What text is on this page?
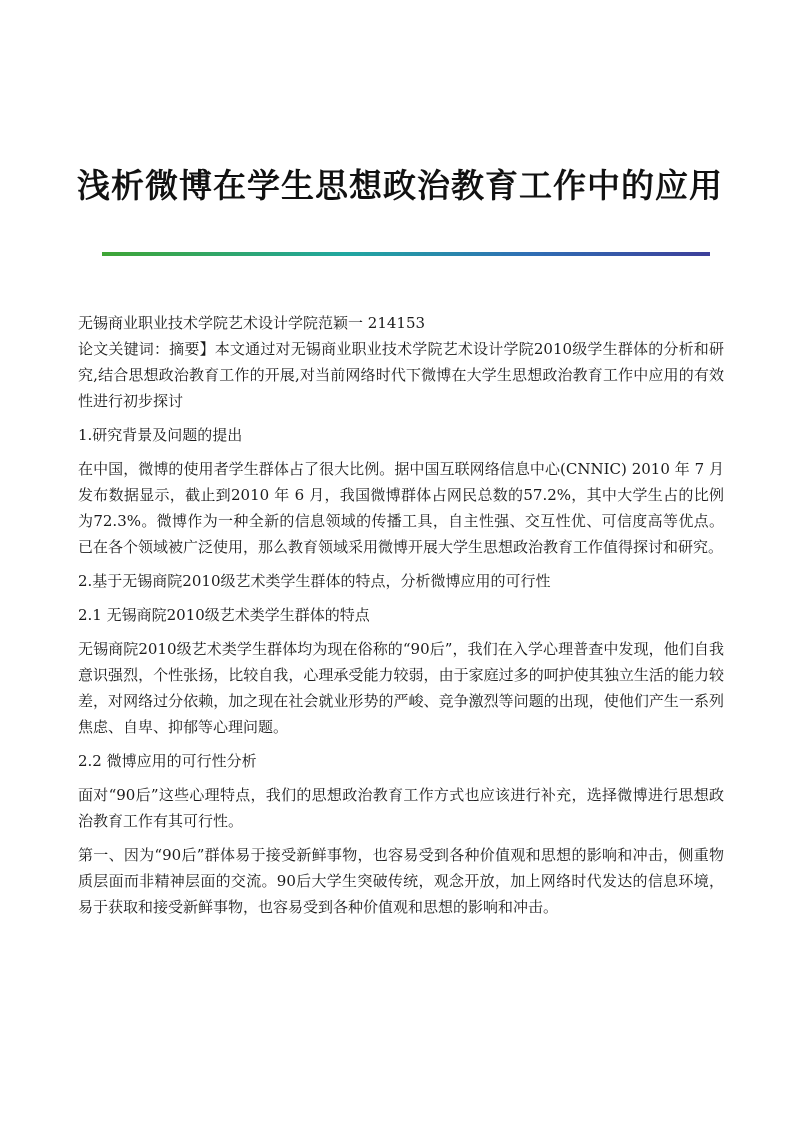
浅析微博在学生思想政治教育工作中的应用

无锡商业职业技术学院艺术设计学院范颖一 214153

论文关键词：摘要】本文通过对无锡商业职业技术学院艺术设计学院2010级学生群体的分析和研究,结合思想政治教育工作的开展,对当前网络时代下微博在大学生思想政治教育工作中应用的有效性进行初步探讨

1.研究背景及问题的提出

在中国，微博的使用者学生群体占了很大比例。据中国互联网络信息中心(CNNIC) 2010 年 7 月发布数据显示，截止到2010 年 6 月，我国微博群体占网民总数的57.2%，其中大学生占的比例为72.3%。微博作为一种全新的信息领域的传播工具，自主性强、交互性优、可信度高等优点。已在各个领域被广泛使用，那么教育领域采用微博开展大学生思想政治教育工作值得探讨和研究。

2.基于无锡商院2010级艺术类学生群体的特点，分析微博应用的可行性

2.1 无锡商院2010级艺术类学生群体的特点

无锡商院2010级艺术类学生群体均为现在俗称的“90后”，我们在入学心理普查中发现，他们自我意识强烈，个性张扬，比较自我，心理承受能力较弱，由于家庭过多的呵护使其独立生活的能力较差，对网络过分依赖，加之现在社会就业形势的严峻、竞争激烈等问题的出现，使他们产生一系列焦虑、自卑、抑郁等心理问题。

2.2 微博应用的可行性分析

面对“90后”这些心理特点，我们的思想政治教育工作方式也应该进行补充，选择微博进行思想政治教育工作有其可行性。

第一、因为“90后”群体易于接受新鲜事物，也容易受到各种价值观和思想的影响和冲击，侧重物质层面而非精神层面的交流。90后大学生突破传统，观念开放，加上网络时代发达的信息环境，易于获取和接受新鲜事物，也容易受到各种价值观和思想的影响和冲击。
